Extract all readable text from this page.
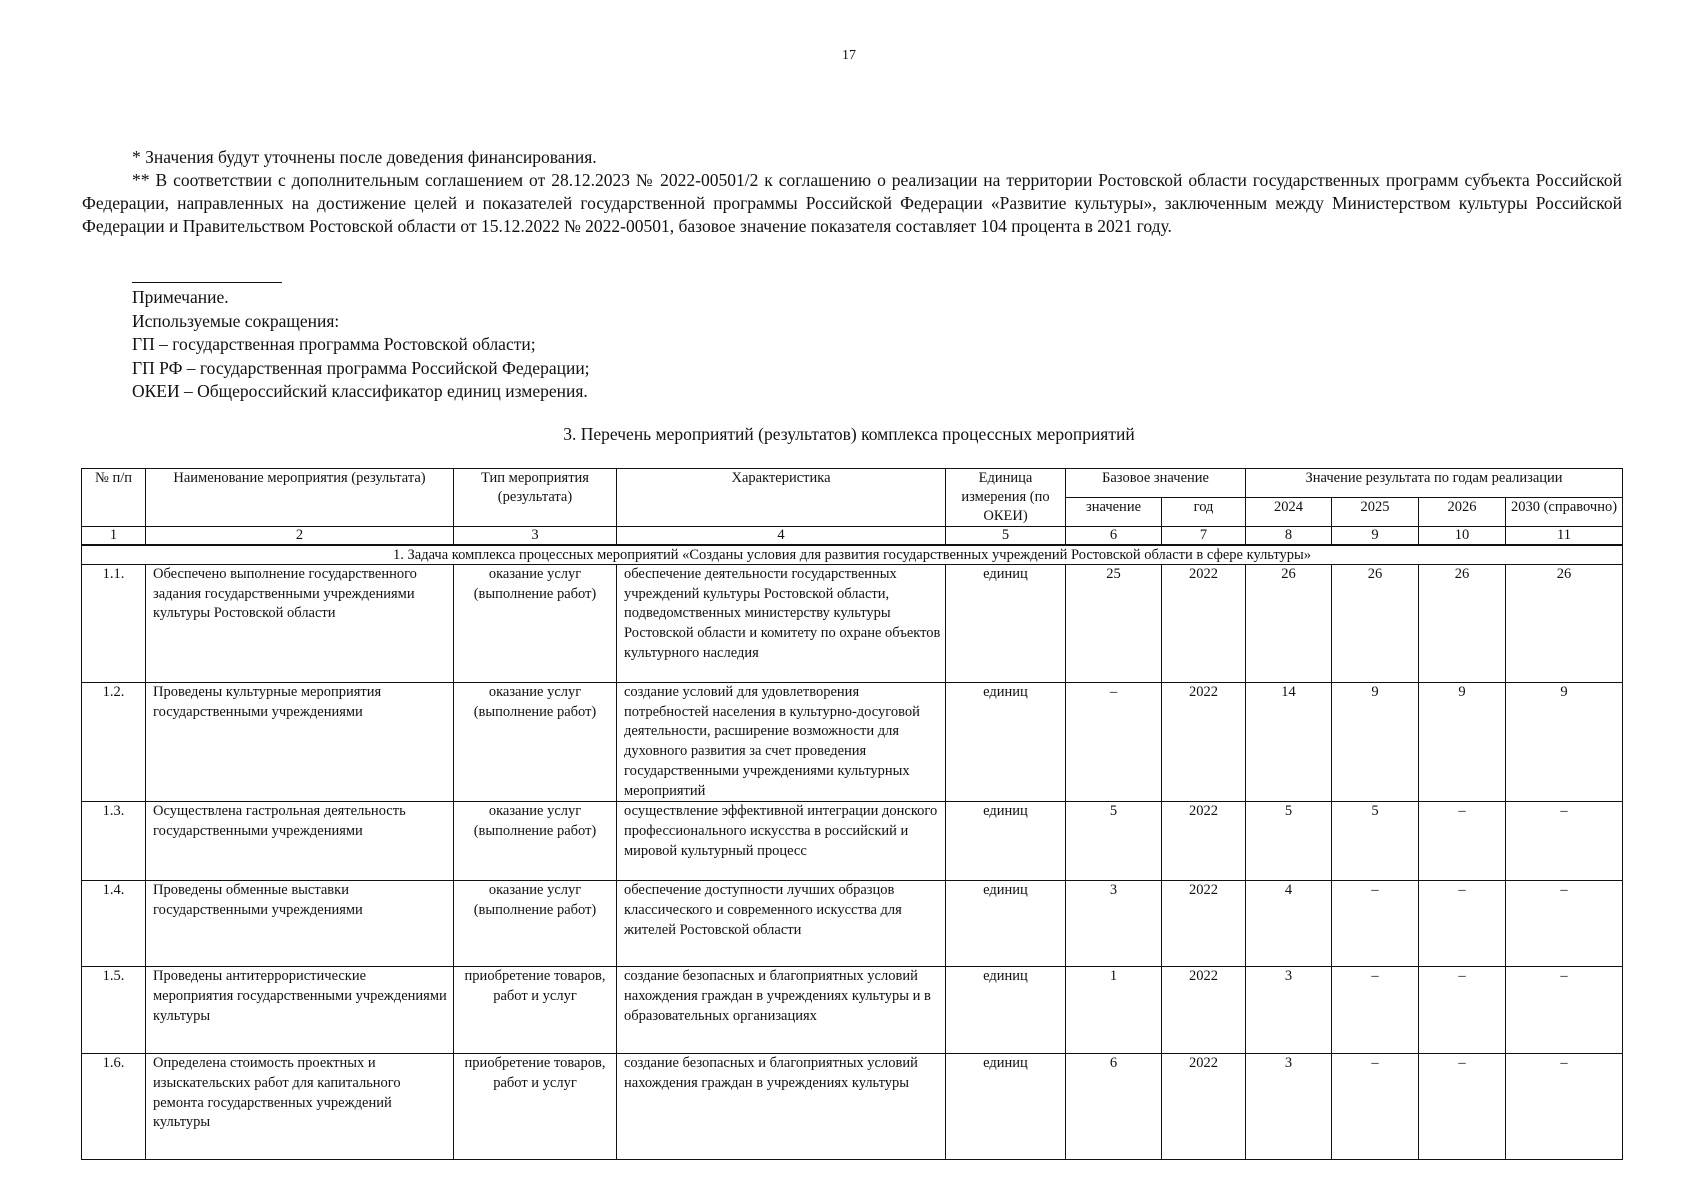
17

* Значения будут уточнены после доведения финансирования.

** В соответствии с дополнительным соглашением от 28.12.2023 № 2022-00501/2 к соглашению о реализации на территории Ростовской области государственных программ субъекта Российской Федерации, направленных на достижение целей и показателей государственной программы Российской Федерации «Развитие культуры», заключенным между Министерством культуры Российской Федерации и Правительством Ростовской области от 15.12.2022 № 2022-00501, базовое значение показателя составляет 104 процента в 2021 году.

Примечание.
Используемые сокращения:
ГП – государственная программа Ростовской области;
ГП РФ – государственная программа Российской Федерации;
ОКЕИ – Общероссийский классификатор единиц измерения.
3. Перечень мероприятий (результатов) комплекса процессных мероприятий
№ п/п	Наименование мероприятия (результата)	Тип мероприятия (результата)	Характеристика	Единица измерения (по ОКЕИ)	Базовое значение		Значение результата по годам реализации			
					значение	год	2024	2025	2026	2030 (справочно)
1	2	3	4	5	6	7	8	9	10	11
1. Задача комплекса процессных мероприятий «Созданы условия для развития государственных учреждений Ростовской области в сфере культуры»										
1.1.	Обеспечено выполнение государственного задания государственными учреждениями культуры Ростовской области	оказание услуг (выполнение работ)	обеспечение деятельности государственных учреждений культуры Ростовской области, подведомственных министерству культуры Ростовской области и комитету по охране объектов культурного наследия	единиц	25	2022	26	26	26	26
1.2.	Проведены культурные мероприятия государственными учреждениями	оказание услуг (выполнение работ)	создание условий для удовлетворения потребностей населения в культурно-досуговой деятельности, расширение возможности для духовного развития за счет проведения государственными учреждениями культурных мероприятий	единиц	–	2022	14	9	9	9
1.3.	Осуществлена гастрольная деятельность государственными учреждениями	оказание услуг (выполнение работ)	осуществление эффективной интеграции донского профессионального искусства в российский и мировой культурный процесс	единиц	5	2022	5	5	–	–
1.4.	Проведены обменные выставки государственными учреждениями	оказание услуг (выполнение работ)	обеспечение доступности лучших образцов классического и современного искусства для жителей Ростовской области	единиц	3	2022	4	–	–	–
1.5.	Проведены антитеррористические мероприятия государственными учреждениями культуры	приобретение товаров, работ и услуг	создание безопасных и благоприятных условий нахождения граждан в учреждениях культуры и в образовательных организациях	единиц	1	2022	3	–	–	–
1.6.	Определена стоимость проектных и изыскательских работ для капитального ремонта государственных учреждений культуры	приобретение товаров, работ и услуг	создание безопасных и благоприятных условий нахождения граждан в учреждениях культуры	единиц	6	2022	3	–	–	–
